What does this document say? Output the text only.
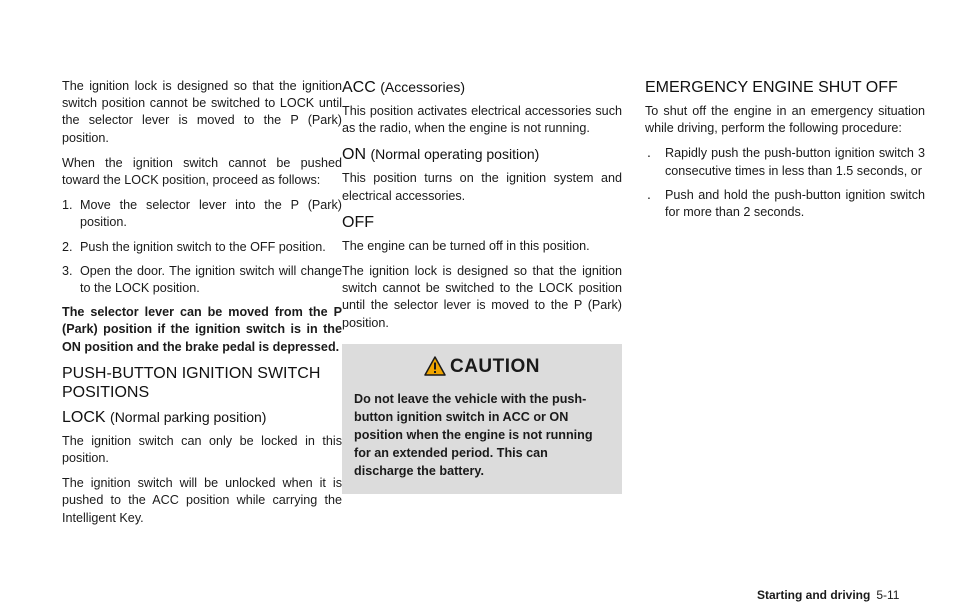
The ignition lock is designed so that the ignition switch position cannot be switched to LOCK until the selector lever is moved to the P (Park) position.

When the ignition switch cannot be pushed toward the LOCK position, proceed as follows:

1. Move the selector lever into the P (Park) position.
2. Push the ignition switch to the OFF position.
3. Open the door. The ignition switch will change to the LOCK position.

The selector lever can be moved from the P (Park) position if the ignition switch is in the ON position and the brake pedal is depressed.

PUSH-BUTTON IGNITION SWITCH POSITIONS
LOCK (Normal parking position)

The ignition switch can only be locked in this position.

The ignition switch will be unlocked when it is pushed to the ACC position while carrying the Intelligent Key.

ACC (Accessories)

This position activates electrical accessories such as the radio, when the engine is not running.

ON (Normal operating position)

This position turns on the ignition system and electrical accessories.

OFF

The engine can be turned off in this position.

The ignition lock is designed so that the ignition switch cannot be switched to the LOCK position until the selector lever is moved to the P (Park) position.

CAUTION

Do not leave the vehicle with the push-button ignition switch in ACC or ON position when the engine is not running for an extended period. This can discharge the battery.

EMERGENCY ENGINE SHUT OFF

To shut off the engine in an emergency situation while driving, perform the following procedure:

. Rapidly push the push-button ignition switch 3 consecutive times in less than 1.5 seconds, or
. Push and hold the push-button ignition switch for more than 2 seconds.
Starting and driving 5-11
